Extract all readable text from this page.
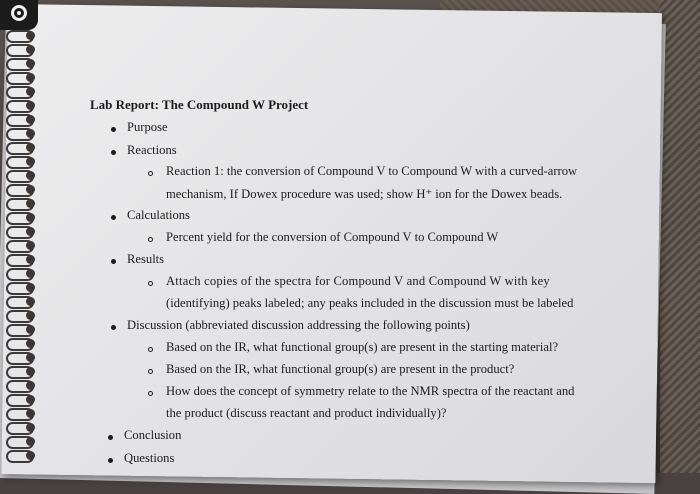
Lab Report: The Compound W Project
Purpose
Reactions
Reaction 1: the conversion of Compound V to Compound W with a curved-arrow
mechanism, If Dowex procedure was used; show H⁺ ion for the Dowex beads.
Calculations
Percent yield for the conversion of Compound V to Compound W
Results
Attach copies of the spectra for Compound V and Compound W with key
(identifying) peaks labeled; any peaks included in the discussion must be labeled
Discussion (abbreviated discussion addressing the following points)
Based on the IR, what functional group(s) are present in the starting material?
Based on the IR, what functional group(s) are present in the product?
How does the concept of symmetry relate to the NMR spectra of the reactant and
the product (discuss reactant and product individually)?
Conclusion
Questions
